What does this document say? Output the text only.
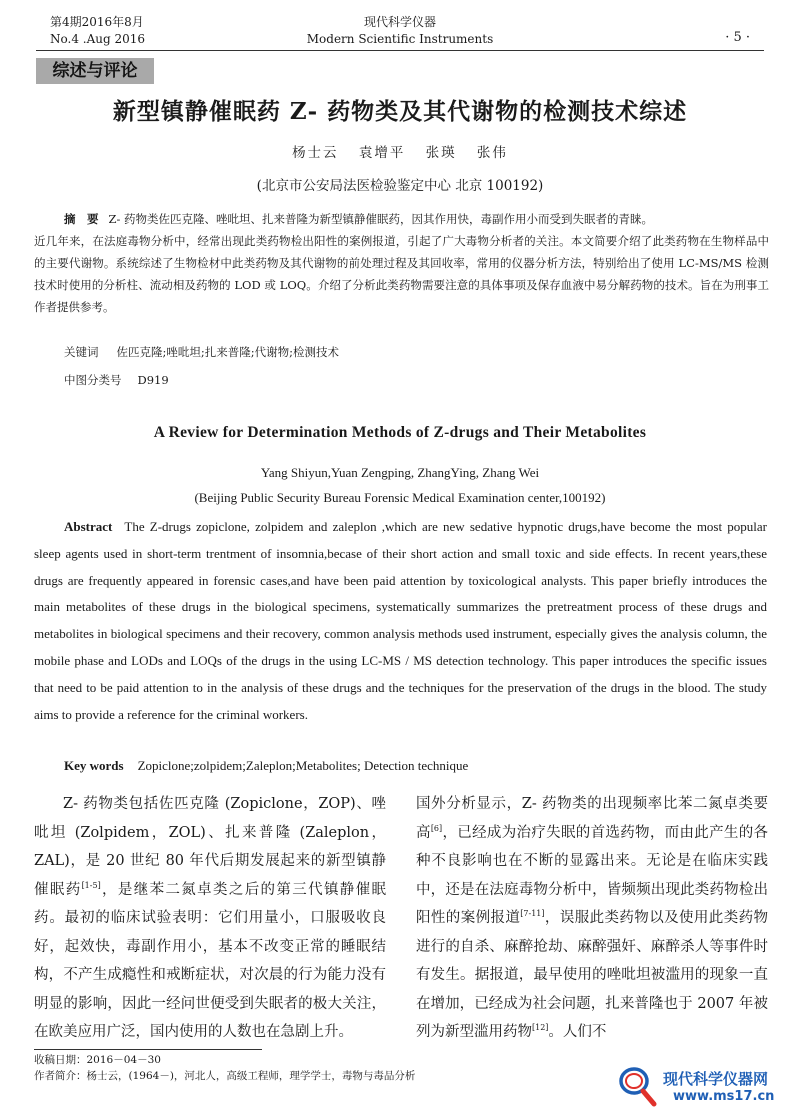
第4期2016年8月
No.4 .Aug 2016
现代科学仪器
Modern Scientific Instruments	· 5 ·
综述与评论
新型镇静催眠药 Z- 药物类及其代谢物的检测技术综述
杨士云 袁增平 张瑛 张伟
(北京市公安局法医检验鉴定中心 北京 100192)
摘　要 Z- 药物类佐匹克隆、唑吡坦、扎来普隆为新型镇静催眠药，因其作用快，毒副作用小而受到失眠者的青睐。
近几年来，在法庭毒物分析中，经常出现此类药物检出阳性的案例报道，引起了广大毒物分析者的关注。本文简要介绍了此类药物在生物样品中的主要代谢物。系统综述了生物检材中此类药物及其代谢物的前处理过程及其回收率，常用的仪器分析方法，特别给出了使用 LC-MS/MS 检测技术时使用的分析柱、流动相及药物的 LOD 或 LOQ。介绍了分析此类药物需要注意的具体事项及保存血液中易分解药物的技术。旨在为刑事工作者提供参考。
关键词 佐匹克隆;唑吡坦;扎来普隆;代谢物;检测技术
中图分类号 D919
A Review for Determination Methods of Z-drugs and Their Metabolites
Yang Shiyun,Yuan Zengping, ZhangYing, Zhang Wei
(Beijing Public Security Bureau Forensic Medical Examination center,100192)
Abstract The Z-drugs zopiclone, zolpidem and zaleplon ,which are new sedative hypnotic drugs,have become the most popular sleep agents used in short-term trentment of insomnia,becase of their short action and small toxic and side effects. In recent years,these drugs are frequently appeared in forensic cases,and have been paid attention by toxicological analysts. This paper briefly introduces the main metabolites of these drugs in the biological specimens, systematically summarizes the pretreatment process of these drugs and metabolites in biological specimens and their recovery, common analysis methods used instrument, especially gives the analysis column, the mobile phase and LODs and LOQs of the drugs in the using LC-MS / MS detection technology. This paper introduces the specific issues that need to be paid attention to in the analysis of these drugs and the techniques for the preservation of the drugs in the blood. The study aims to provide a reference for the criminal workers.
Key words Zopiclone;zolpidem;Zaleplon;Metabolites; Detection technique
Z- 药物类包括佐匹克隆 (Zopiclone，ZOP)、唑吡坦 (Zolpidem，ZOL)、扎来普隆 (Zaleplon，ZAL)，是 20 世纪 80 年代后期发展起来的新型镇静催眠药[1-5]，是继苯二氮卓类之后的第三代镇静催眠药。最初的临床试验表明：它们用量小，口服吸收良好，起效快，毒副作用小，基本不改变正常的睡眠结构，不产生成瘾性和戒断症状，对次晨的行为能力没有明显的影响，因此一经问世便受到失眠者的极大关注，在欧美应用广泛，国内使用的人数也在急剧上升。
国外分析显示，Z- 药物类的出现频率比苯二氮卓类要高[6]，已经成为治疗失眠的首选药物，而由此产生的各种不良影响也在不断的显露出来。无论是在临床实践中，还是在法庭毒物分析中，皆频频出现此类药物检出阳性的案例报道[7-11]，误服此类药物以及使用此类药物进行的自杀、麻醉抢劫、麻醉强奸、麻醉杀人等事件时有发生。据报道，最早使用的唑吡坦被滥用的现象一直在增加，已经成为社会问题，扎来普隆也于 2007 年被列为新型滥用药物[12]。人们不
收稿日期：2016－04－30
作者简介：杨士云，(1964－)，河北人，高级工程师，理学学士，毒物与毒品分析	现代科学仪器网
www.ms17.cn
